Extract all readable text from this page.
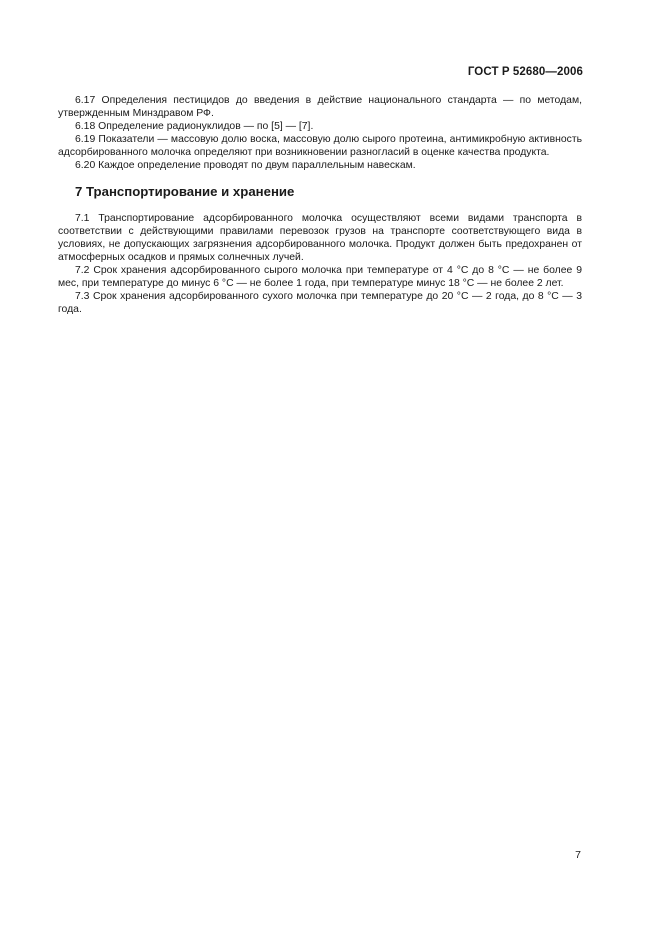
ГОСТ Р 52680—2006

6.17 Определения пестицидов до введения в действие национального стандарта — по методам, утвержденным Минздравом РФ.

6.18 Определение радионуклидов — по [5] — [7].

6.19 Показатели — массовую долю воска, массовую долю сырого протеина, антимикробную активность адсорбированного молочка определяют при возникновении разногласий в оценке качества продукта.

6.20 Каждое определение проводят по двум параллельным навескам.

7 Транспортирование и хранение

7.1 Транспортирование адсорбированного молочка осуществляют всеми видами транспорта в соответствии с действующими правилами перевозок грузов на транспорте соответствующего вида в условиях, не допускающих загрязнения адсорбированного молочка. Продукт должен быть предохранен от атмосферных осадков и прямых солнечных лучей.

7.2 Срок хранения адсорбированного сырого молочка при температуре от 4 °С до 8 °С — не более 9 мес, при температуре до минус 6 °С — не более 1 года, при температуре минус 18 °С — не более 2 лет.

7.3 Срок хранения адсорбированного сухого молочка при температуре до 20 °С — 2 года, до 8 °С — 3 года.

7
